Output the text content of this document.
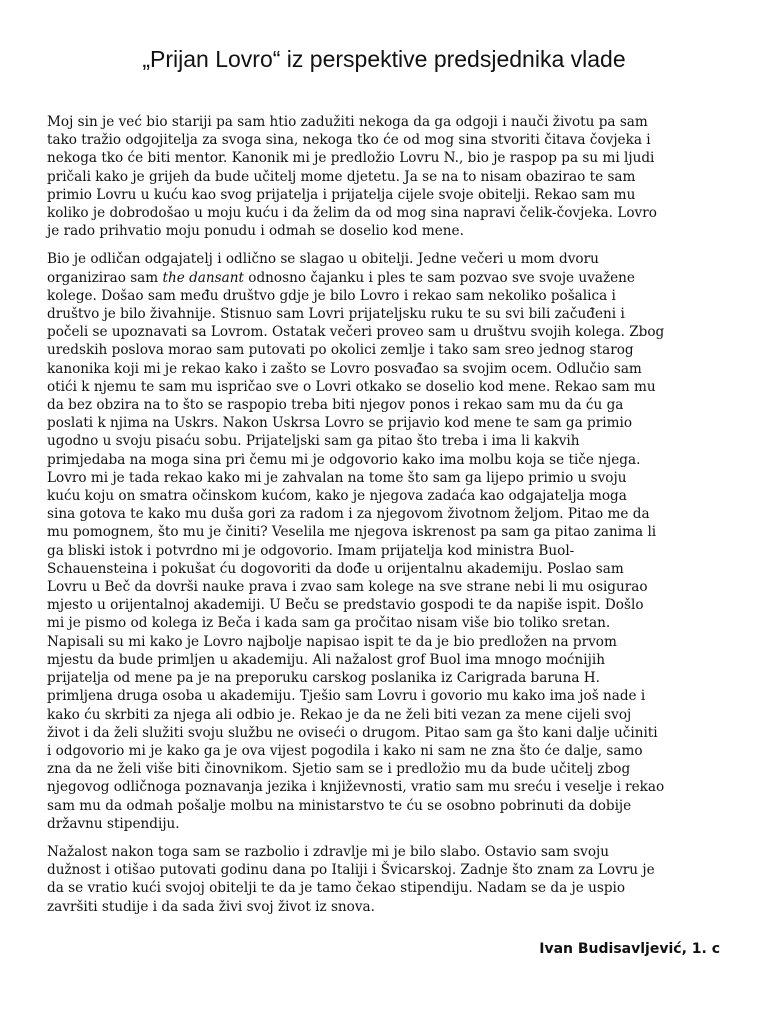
„Prijan Lovro“ iz perspektive predsjednika vlade

Moj sin je već bio stariji pa sam htio zadužiti nekoga da ga odgoji i nauči životu pa sam
tako tražio odgojitelja za svoga sina, nekoga tko će od mog sina stvoriti čitava čovjeka i
nekoga tko će biti mentor. Kanonik mi je predložio Lovru N., bio je raspop pa su mi ljudi
pričali kako je grijeh da bude učitelj mome djetetu. Ja se na to nisam obazirao te sam
primio Lovru u kuću kao svog prijatelja i prijatelja cijele svoje obitelji. Rekao sam mu
koliko je dobrodošao u moju kuću i da želim da od mog sina napravi čelik-čovjeka. Lovro
je rado prihvatio moju ponudu i odmah se doselio kod mene.

Bio je odličan odgajatelj i odlično se slagao u obitelji. Jedne večeri u mom dvoru
organizirao sam the dansant odnosno čajanku i ples te sam pozvao sve svoje uvažene
kolege. Došao sam među društvo gdje je bilo Lovro i rekao sam nekoliko pošalica i
društvo je bilo živahnije. Stisnuo sam Lovri prijateljsku ruku te su svi bili začuđeni i
počeli se upoznavati sa Lovrom. Ostatak večeri proveo sam u društvu svojih kolega. Zbog
uredskih poslova morao sam putovati po okolici zemlje i tako sam sreo jednog starog
kanonika koji mi je rekao kako i zašto se Lovro posvađao sa svojim ocem. Odlučio sam
otići k njemu te sam mu ispričao sve o Lovri otkako se doselio kod mene. Rekao sam mu
da bez obzira na to što se raspopio treba biti njegov ponos i rekao sam mu da ću ga
poslati k njima na Uskrs. Nakon Uskrsa Lovro se prijavio kod mene te sam ga primio
ugodno u svoju pisaću sobu. Prijateljski sam ga pitao što treba i ima li kakvih
primjedaba na moga sina pri čemu mi je odgovorio kako ima molbu koja se tiče njega.
Lovro mi je tada rekao kako mi je zahvalan na tome što sam ga lijepo primio u svoju
kuću koju on smatra očinskom kućom, kako je njegova zadaća kao odgajatelja moga
sina gotova te kako mu duša gori za radom i za njegovom životnom željom. Pitao me da
mu pomognem, što mu je činiti? Veselila me njegova iskrenost pa sam ga pitao zanima li
ga bliski istok i potvrdno mi je odgovorio. Imam prijatelja kod ministra Buol-
Schauensteina i pokušat ću dogovoriti da dođe u orijentalnu akademiju. Poslao sam
Lovru u Beč da dovrši nauke prava i zvao sam kolege na sve strane nebi li mu osigurao
mjesto u orijentalnoj akademiji. U Beču se predstavio gospodi te da napiše ispit. Došlo
mi je pismo od kolega iz Beča i kada sam ga pročitao nisam više bio toliko sretan.
Napisali su mi kako je Lovro najbolje napisao ispit te da je bio predložen na prvom
mjestu da bude primljen u akademiju. Ali nažalost grof Buol ima mnogo moćnijih
prijatelja od mene pa je na preporuku carskog poslanika iz Carigrada baruna H.
primljena druga osoba u akademiju. Tješio sam Lovru i govorio mu kako ima još nade i
kako ću skrbiti za njega ali odbio je. Rekao je da ne želi biti vezan za mene cijeli svoj
život i da želi služiti svoju službu ne oviseći o drugom. Pitao sam ga što kani dalje učiniti
i odgovorio mi je kako ga je ova vijest pogodila i kako ni sam ne zna što će dalje, samo
zna da ne želi više biti činovnikom. Sjetio sam se i predložio mu da bude učitelj zbog
njegovog odličnoga poznavanja jezika i književnosti, vratio sam mu sreću i veselje i rekao
sam mu da odmah pošalje molbu na ministarstvo te ću se osobno pobrinuti da dobije
državnu stipendiju.

Nažalost nakon toga sam se razbolio i zdravlje mi je bilo slabo. Ostavio sam svoju
dužnost i otišao putovati godinu dana po Italiji i Švicarskoj. Zadnje što znam za Lovru je
da se vratio kući svojoj obitelji te da je tamo čekao stipendiju. Nadam se da je uspio
završiti studije i da sada živi svoj život iz snova.

Ivan Budisavljević, 1. c
